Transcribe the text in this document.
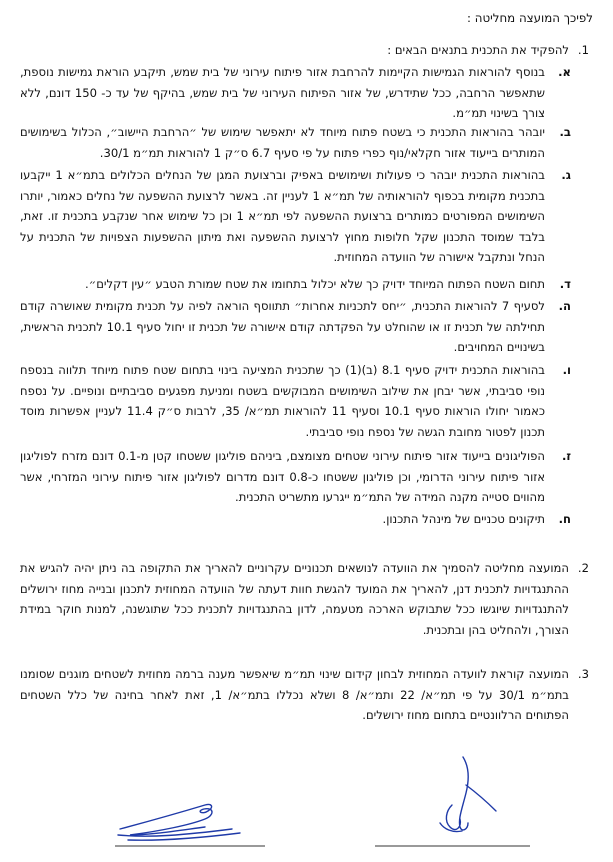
לפיכך המועצה מחליטה :
1.
להפקיד את התכנית בתנאים הבאים :
א.
בנוסף להוראות הגמישות הקיימות להרחבת אזור פיתוח עירוני של בית שמש, תיקבע הוראת גמישות נוספת, שתאפשר הרחבה, ככל שתידרש, של אזור הפיתוח העירוני של בית שמש, בהיקף של עד כ- 150 דונם, ללא צורך בשינוי תמ״מ.
ב.
יובהר בהוראות התכנית כי בשטח פתוח מיוחד לא יתאפשר שימוש של ״הרחבת היישוב״, הכלול בשימושים המותרים בייעוד אזור חקלאי/נוף כפרי פתוח על פי סעיף 6.7 ס״ק 1 להוראות תמ״מ 30/1.
ג.
בהוראות התכנית יובהר כי פעולות ושימושים באפיק וברצועת המגן של הנחלים הכלולים בתמ״א 1 ייקבעו בתכנית מקומית בכפוף להוראותיה של תמ״א 1 לעניין זה. באשר לרצועת ההשפעה של נחלים כאמור, יותרו השימושים המפורטים כמותרים ברצועת ההשפעה לפי תמ״א 1 וכן כל שימוש אחר שנקבע בתכנית זו. זאת, בלבד שמוסד התכנון שקל חלופות מחוץ לרצועת ההשפעה ואת מיתון ההשפעות הצפויות של התכנית על הנחל ונתקבל אישורה של הוועדה המחוזית.
ד.
תחום השטח הפתוח המיוחד ידויק כך שלא יכלול בתחומו את שטח שמורת הטבע ״עין דקלים״.
ה.
לסעיף 7 להוראות התכנית, ״יחס לתכניות אחרות״ תתווסף הוראה לפיה על תכנית מקומית שאושרה קודם תחילתה של תכנית זו או שהוחלט על הפקדתה קודם אישורה של תכנית זו יחול סעיף 10.1 לתכנית הראשית, בשינויים המחויבים.
ו.
בהוראות התכנית ידויק סעיף 8.1 (ב)(1) כך שתכנית המציעה בינוי בתחום שטח פתוח מיוחד תלווה בנספח נופי סביבתי, אשר יבחן את שילוב השימושים המבוקשים בשטח ומניעת מפגעים סביבתיים ונופיים. על נספח כאמור יחולו הוראות סעיף 10.1 וסעיף 11 להוראות תמ״א/ 35, לרבות ס״ק 11.4 לעניין אפשרות מוסד תכנון לפטור מחובת הגשה של נספח נופי סביבתי.
ז.
הפוליגונים בייעוד אזור פיתוח עירוני שטחים מצומצם, ביניהם פוליגון ששטחו קטן מ-0.1 דונם מזרח לפוליגון אזור פיתוח עירוני הדרומי, וכן פוליגון ששטחו כ-0.8 דונם מדרום לפוליגון אזור פיתוח עירוני המזרחי, אשר מהווים סטייה מקנה המידה של התמ״מ ייגרעו מתשריט התכנית.
ח.
תיקונים טכניים של מינהל התכנון.
2.
המועצה מחליטה להסמיך את הוועדה לנושאים תכנוניים עקרוניים להאריך את התקופה בה ניתן יהיה להגיש את ההתנגדויות לתכנית דנן, להאריך את המועד להגשת חוות דעתה של הוועדה המחוזית לתכנון ובנייה מחוז ירושלים להתנגדויות שיוגשו ככל שתבוקש הארכה מטעמה, לדון בהתנגדויות לתכנית ככל שתוגשנה, למנות חוקר במידת הצורך, ולהחליט בהן ובתכנית.
3.
המועצה קוראת לוועדה המחוזית לבחון קידום שינוי תמ״מ שיאפשר מענה ברמה מחוזית לשטחים מוגנים שסומנו בתמ״מ 30/1 על פי תמ״א/ 22 ותמ״א/ 8 ושלא נכללו בתמ״א/ 1, זאת לאחר בחינה של כלל השטחים הפתוחים הרלוונטיים בתחום מחוז ירושלים.
